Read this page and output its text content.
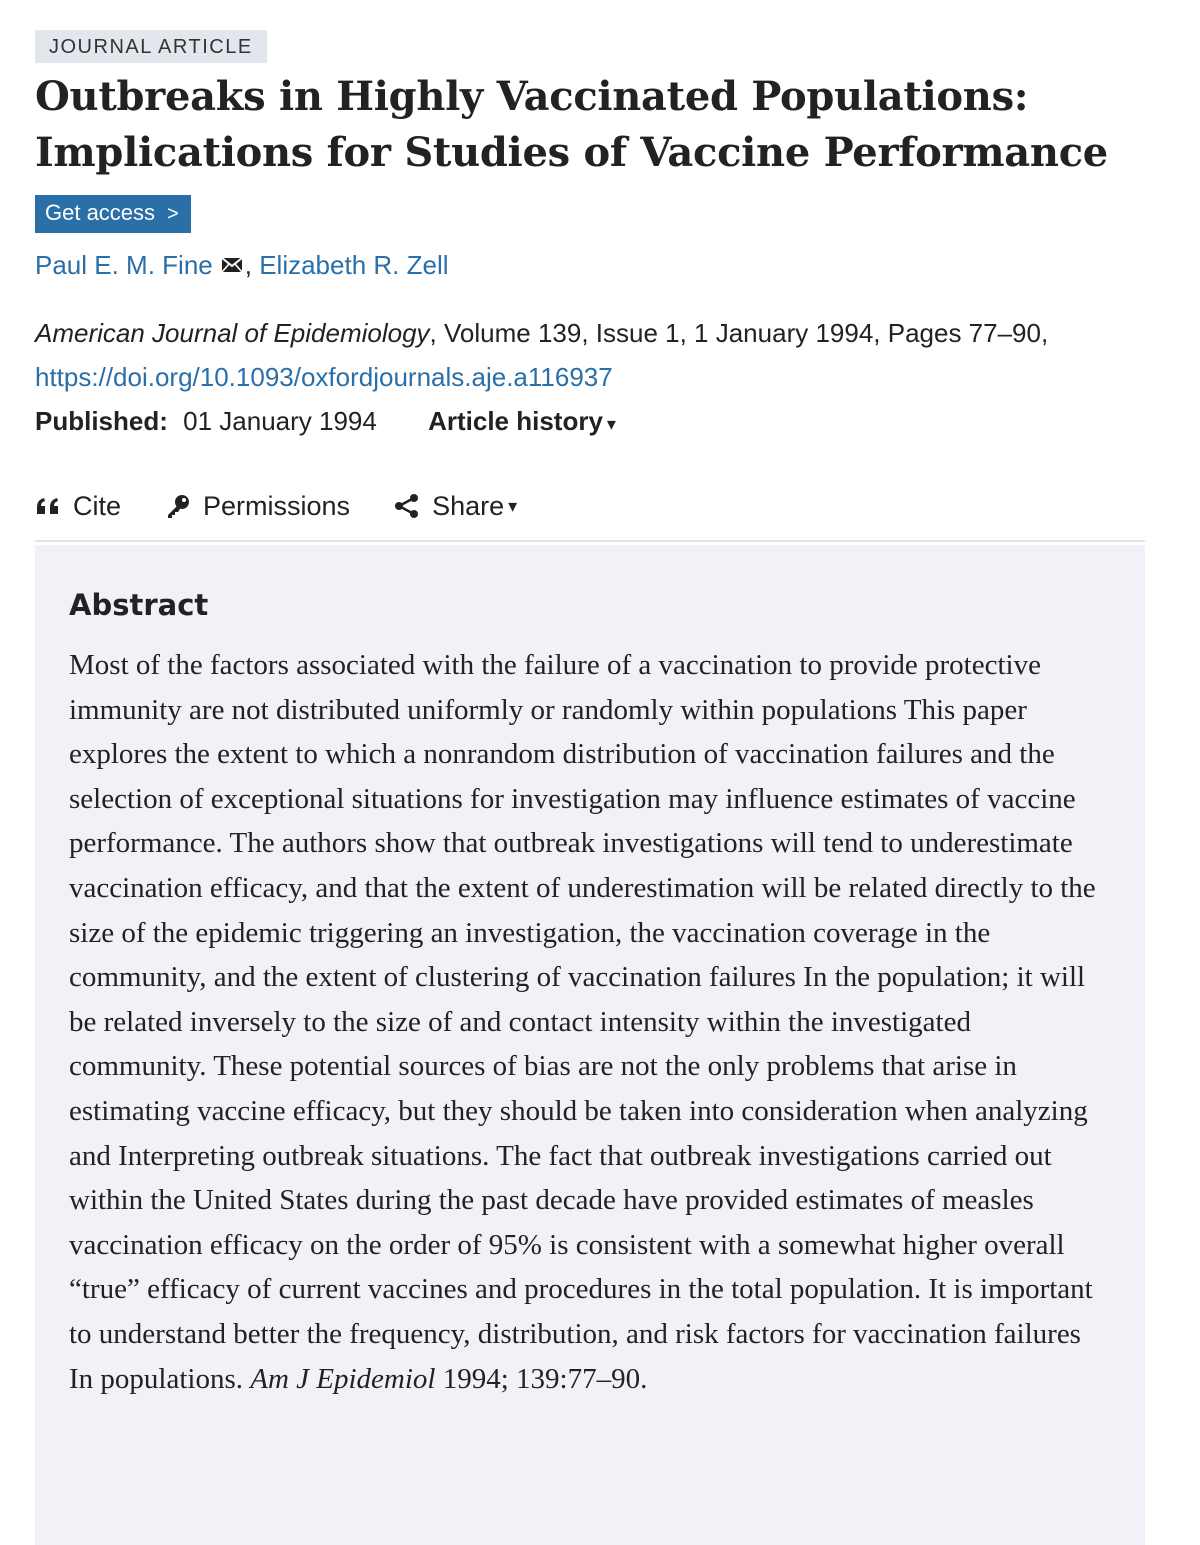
JOURNAL ARTICLE
Outbreaks in Highly Vaccinated Populations:
Implications for Studies of Vaccine Performance
Get access >
Paul E. M. Fine , Elizabeth R. Zell
American Journal of Epidemiology, Volume 139, Issue 1, 1 January 1994, Pages 77–90,
https://doi.org/10.1093/oxfordjournals.aje.a116937
Published: 01 January 1994 Article history ▾
Cite	Permissions	Share ▾
Abstract

Most of the factors associated with the failure of a vaccination to provide protective immunity are not distributed uniformly or randomly within populations This paper explores the extent to which a nonrandom distribution of vaccination failures and the selection of exceptional situations for investigation may influence estimates of vaccine performance. The authors show that outbreak investigations will tend to underestimate vaccination efficacy, and that the extent of underestimation will be related directly to the size of the epidemic triggering an investigation, the vaccination coverage in the community, and the extent of clustering of vaccination failures In the population; it will be related inversely to the size of and contact intensity within the investigated community. These potential sources of bias are not the only problems that arise in estimating vaccine efficacy, but they should be taken into consideration when analyzing and Interpreting outbreak situations. The fact that outbreak investigations carried out within the United States during the past decade have provided estimates of measles vaccination efficacy on the order of 95% is consistent with a somewhat higher overall “true” efficacy of current vaccines and procedures in the total population. It is important to understand better the frequency, distribution, and risk factors for vaccination failures In populations. Am J Epidemiol 1994; 139:77–90.
